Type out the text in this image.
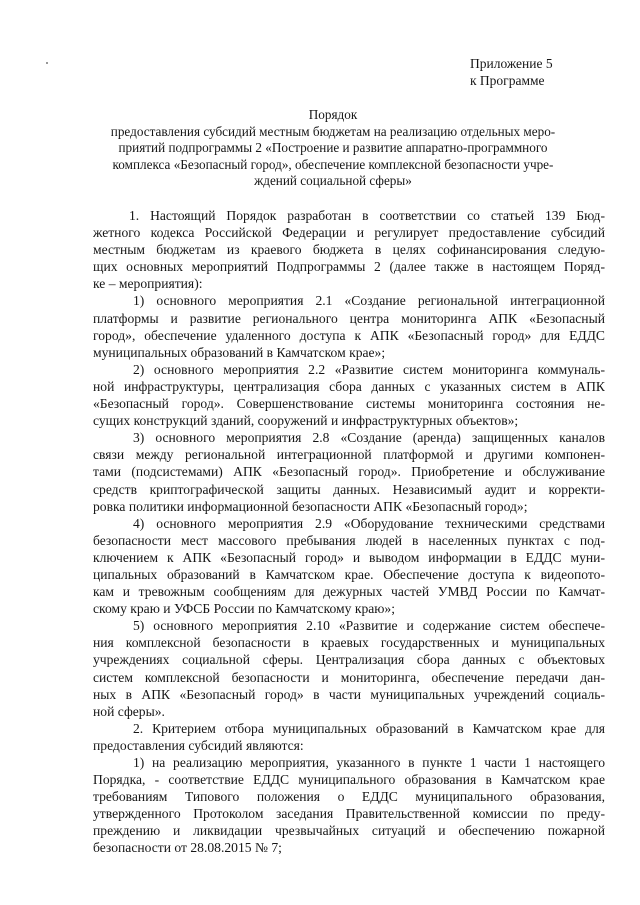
Приложение 5
к Программе
Порядок
предоставления субсидий местным бюджетам на реализацию отдельных меро-
приятий подпрограммы 2 «Построение и развитие аппаратно-программного
комплекса «Безопасный город», обеспечение комплексной безопасности учре-
ждений социальной сферы»
1. Настоящий Порядок разработан в соответствии со статьей 139 Бюд-
жетного кодекса Российской Федерации и регулирует предоставление субсидий
местным бюджетам из краевого бюджета в целях софинансирования следую-
щих основных мероприятий Подпрограммы 2 (далее также в настоящем Поряд-
ке – мероприятия):
1) основного мероприятия 2.1 «Создание региональной интеграционной
платформы и развитие регионального центра мониторинга АПК «Безопасный
город», обеспечение удаленного доступа к АПК «Безопасный город» для ЕДДС
муниципальных образований в Камчатском крае»;
2) основного мероприятия 2.2 «Развитие систем мониторинга коммуналь-
ной инфраструктуры, централизация сбора данных с указанных систем в АПК
«Безопасный город». Совершенствование системы мониторинга состояния не-
сущих конструкций зданий, сооружений и инфраструктурных объектов»;
3) основного мероприятия 2.8 «Создание (аренда) защищенных каналов
связи между региональной интеграционной платформой и другими компонен-
тами (подсистемами) АПК «Безопасный город». Приобретение и обслуживание
средств криптографической защиты данных. Независимый аудит и корректи-
ровка политики информационной безопасности АПК «Безопасный город»;
4) основного мероприятия 2.9 «Оборудование техническими средствами
безопасности мест массового пребывания людей в населенных пунктах с под-
ключением к АПК «Безопасный город» и выводом информации в ЕДДС муни-
ципальных образований в Камчатском крае. Обеспечение доступа к видеопото-
кам и тревожным сообщениям для дежурных частей УМВД России по Камчат-
скому краю и УФСБ России по Камчатскому краю»;
5) основного мероприятия 2.10 «Развитие и содержание систем обеспече-
ния комплексной безопасности в краевых государственных и муниципальных
учреждениях социальной сферы. Централизация сбора данных с объектовых
систем комплексной безопасности и мониторинга, обеспечение передачи дан-
ных в АПК «Безопасный город» в части муниципальных учреждений социаль-
ной сферы».
2. Критерием отбора муниципальных образований в Камчатском крае для
предоставления субсидий являются:
1) на реализацию мероприятия, указанного в пункте 1 части 1 настоящего
Порядка, - соответствие ЕДДС муниципального образования в Камчатском крае
требованиям Типового положения о ЕДДС муниципального образования,
утвержденного Протоколом заседания Правительственной комиссии по преду-
преждению и ликвидации чрезвычайных ситуаций и обеспечению пожарной
безопасности от 28.08.2015 № 7;
